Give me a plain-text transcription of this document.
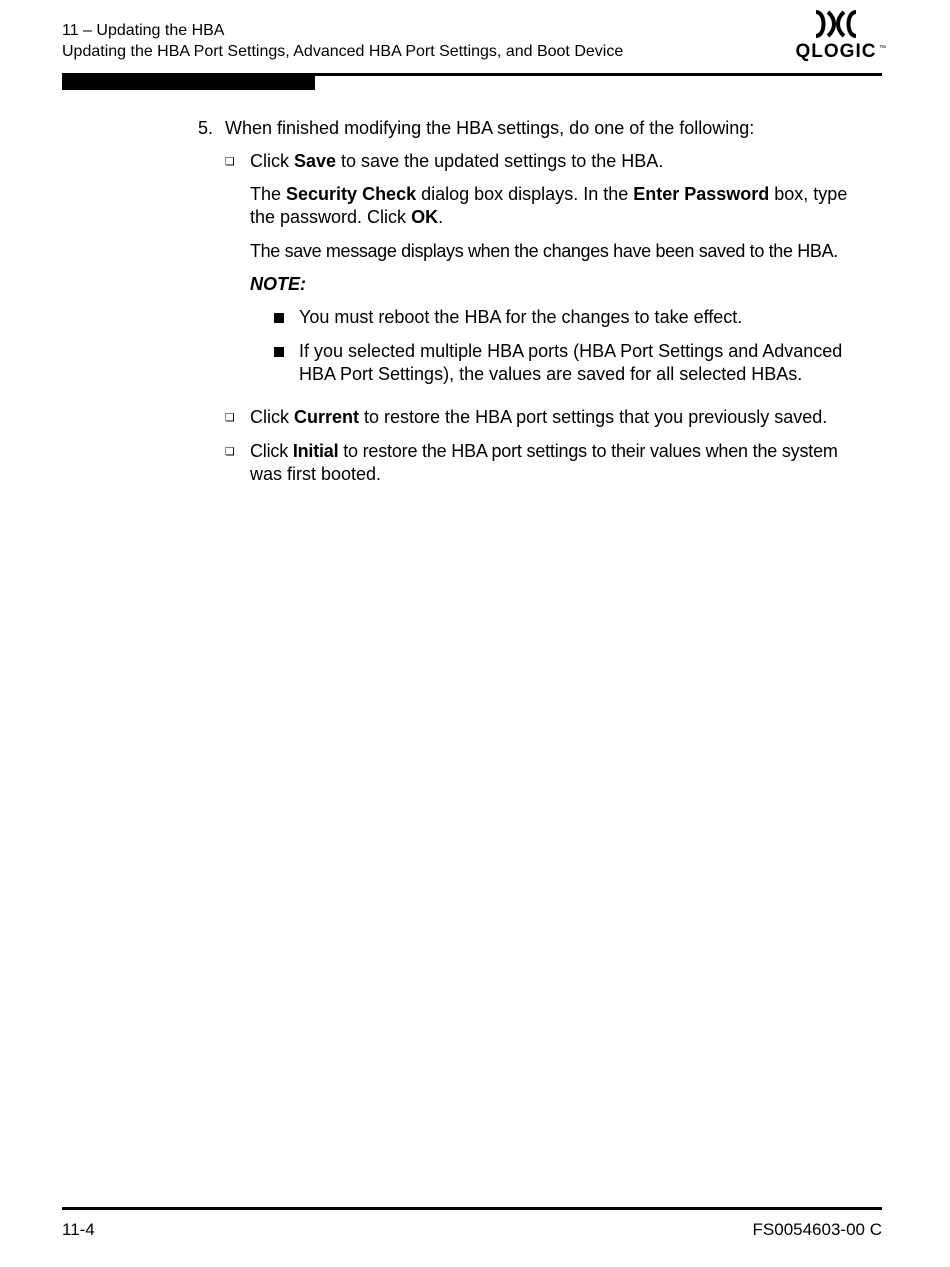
11 – Updating the HBA
Updating the HBA Port Settings, Advanced HBA Port Settings, and Boot Device	QLOGIC ™
5. When finished modifying the HBA settings, do one of the following:
❏
Click Save to save the updated settings to the HBA.
The Security Check dialog box displays. In the Enter Password box, type
the password. Click OK.
The save message displays when the changes have been saved to the HBA.
NOTE:
You must reboot the HBA for the changes to take effect.
If you selected multiple HBA ports (HBA Port Settings and Advanced
HBA Port Settings), the values are saved for all selected HBAs.
❏
Click Current to restore the HBA port settings that you previously saved.
❏
Click Initial to restore the HBA port settings to their values when the system
was first booted.
11-4	FS0054603-00 C
